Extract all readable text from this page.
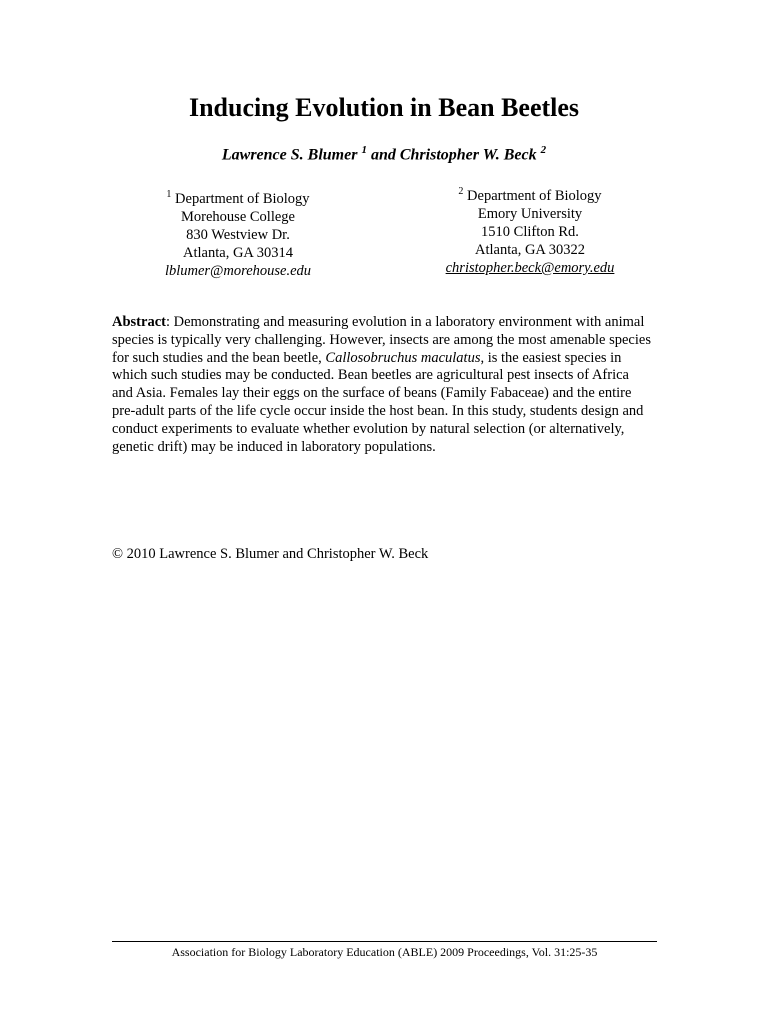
Inducing Evolution in Bean Beetles
Lawrence S. Blumer $^1$ and Christopher W. Beck $^2$
$^1$ Department of Biology
Morehouse College
830 Westview Dr.
Atlanta, GA 30314
lblumer@morehouse.edu
$^2$ Department of Biology
Emory University
1510 Clifton Rd.
Atlanta, GA 30322
christopher.beck@emory.edu

Abstract: Demonstrating and measuring evolution in a laboratory environment with animal species is typically very challenging. However, insects are among the most amenable species for such studies and the bean beetle, Callosobruchus maculatus, is the easiest species in which such studies may be conducted. Bean beetles are agricultural pest insects of Africa and Asia. Females lay their eggs on the surface of beans (Family Fabaceae) and the entire pre-adult parts of the life cycle occur inside the host bean. In this study, students design and conduct experiments to evaluate whether evolution by natural selection (or alternatively, genetic drift) may be induced in laboratory populations.

© 2010 Lawrence S. Blumer and Christopher W. Beck
Association for Biology Laboratory Education (ABLE) 2009 Proceedings, Vol. 31:25-35
